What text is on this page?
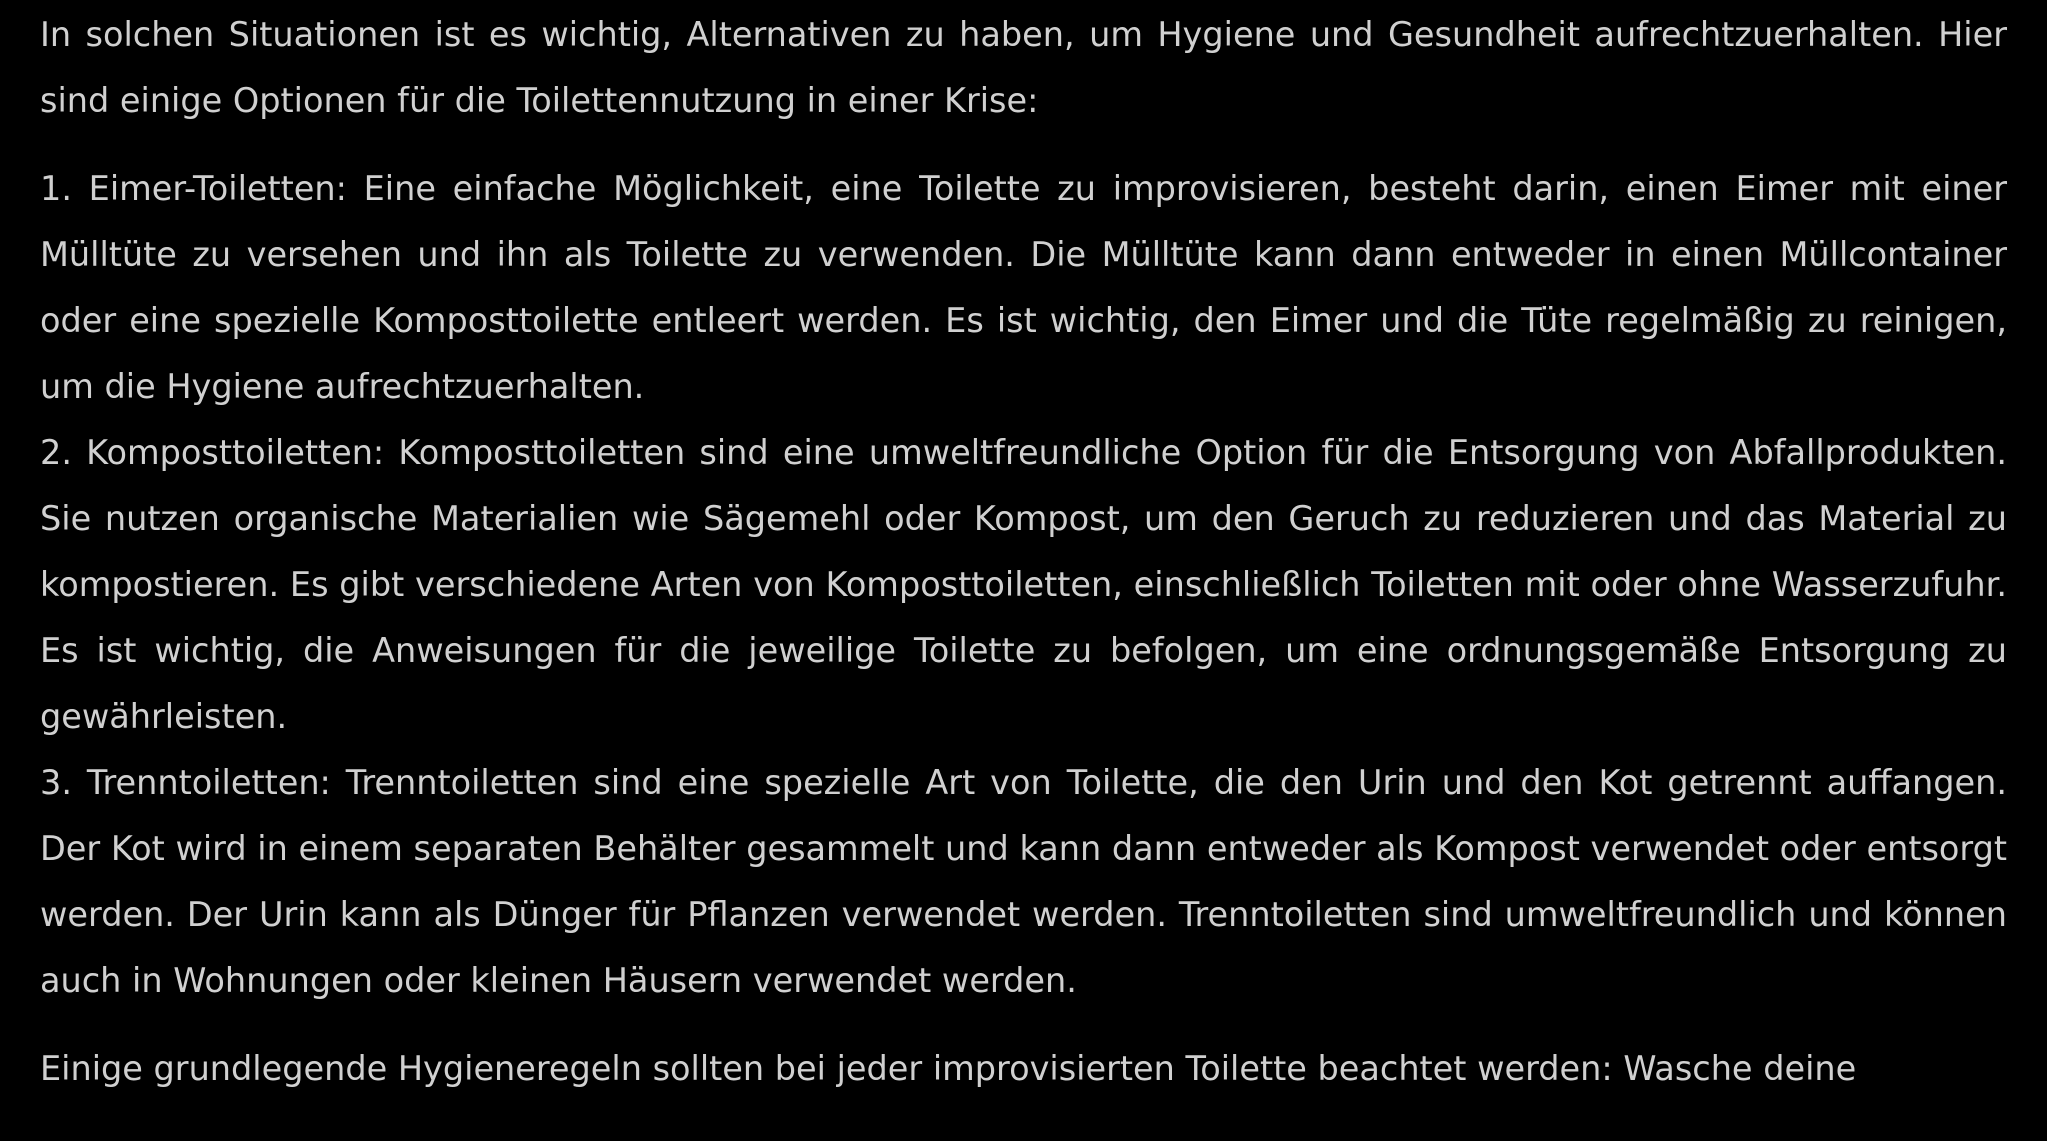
In solchen Situationen ist es wichtig, Alternativen zu haben, um Hygiene und Gesundheit aufrechtzuerhalten. Hier sind einige Optionen für die Toilettennutzung in einer Krise:

1. Eimer-Toiletten: Eine einfache Möglichkeit, eine Toilette zu improvisieren, besteht darin, einen Eimer mit einer Mülltüte zu versehen und ihn als Toilette zu verwenden. Die Mülltüte kann dann entweder in einen Müllcontainer oder eine spezielle Komposttoilette entleert werden. Es ist wichtig, den Eimer und die Tüte regelmäßig zu reinigen, um die Hygiene aufrechtzuerhalten.
2. Komposttoiletten: Komposttoiletten sind eine umweltfreundliche Option für die Entsorgung von Abfallprodukten. Sie nutzen organische Materialien wie Sägemehl oder Kompost, um den Geruch zu reduzieren und das Material zu kompostieren. Es gibt verschiedene Arten von Komposttoiletten, einschließlich Toiletten mit oder ohne Wasserzufuhr. Es ist wichtig, die Anweisungen für die jeweilige Toilette zu befolgen, um eine ordnungsgemäße Entsorgung zu gewährleisten.
3. Trenntoiletten: Trenntoiletten sind eine spezielle Art von Toilette, die den Urin und den Kot getrennt auffangen. Der Kot wird in einem separaten Behälter gesammelt und kann dann entweder als Kompost verwendet oder entsorgt werden. Der Urin kann als Dünger für Pflanzen verwendet werden. Trenntoiletten sind umweltfreundlich und können auch in Wohnungen oder kleinen Häusern verwendet werden.

Einige grundlegende Hygieneregeln sollten bei jeder improvisierten Toilette beachtet werden: Wasche deine
